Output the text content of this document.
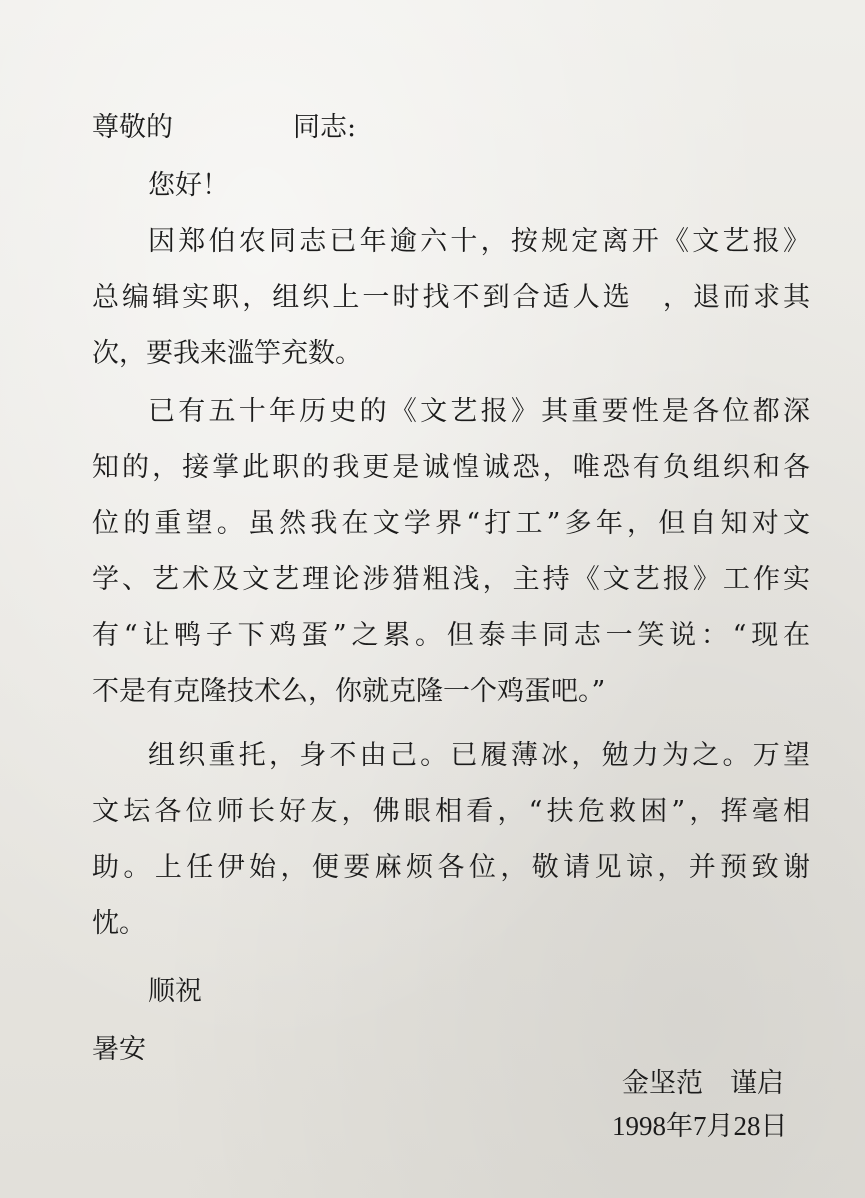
尊敬的	同志:
您好！
因郑伯农同志已年逾六十，按规定离开《文艺报》
总编辑实职，组织上一时找不到合适人选　，退而求其
次，要我来滥竽充数。
已有五十年历史的《文艺报》其重要性是各位都深
知的，接掌此职的我更是诚惶诚恐，唯恐有负组织和各
位的重望。虽然我在文学界“打工”多年，但自知对文
学、艺术及文艺理论涉猎粗浅，主持《文艺报》工作实
有“让鸭子下鸡蛋”之累。但泰丰同志一笑说：“现在
不是有克隆技术么，你就克隆一个鸡蛋吧。”
组织重托，身不由己。已履薄冰，勉力为之。万望
文坛各位师长好友，佛眼相看，“扶危救困”，挥毫相
助。上任伊始，便要麻烦各位，敬请见谅，并预致谢
忱。
顺祝
暑安
金坚范　谨启
1998年7月28日
